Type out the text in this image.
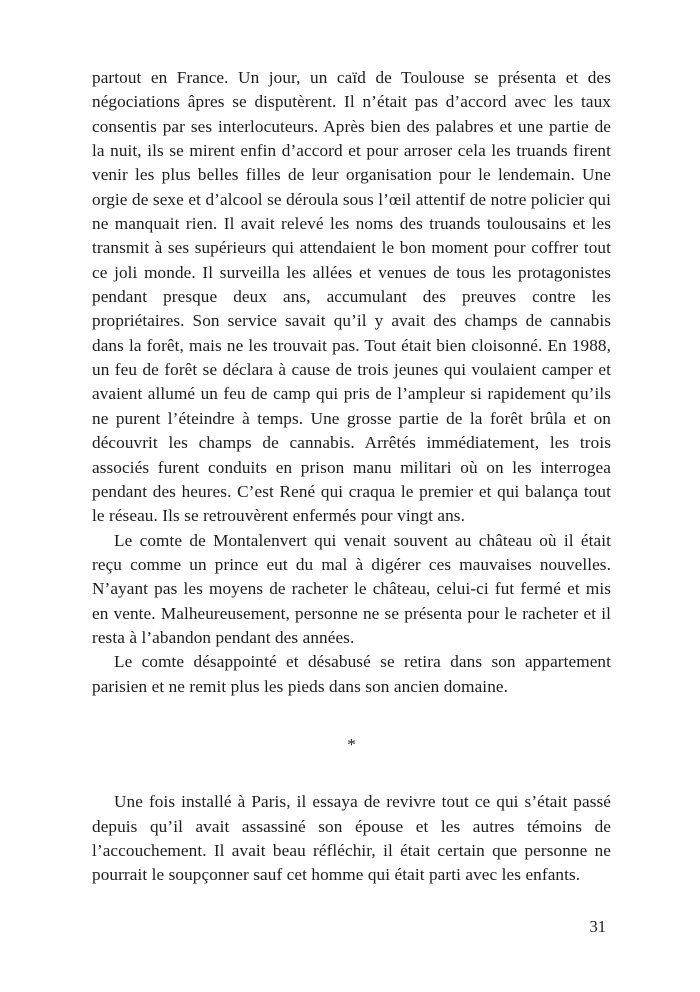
partout en France. Un jour, un caïd de Toulouse se présenta et des négociations âpres se disputèrent. Il n’était pas d’accord avec les taux consentis par ses interlocuteurs. Après bien des palabres et une partie de la nuit, ils se mirent enfin d’accord et pour arroser cela les truands firent venir les plus belles filles de leur organisation pour le lendemain. Une orgie de sexe et d’alcool se déroula sous l’œil attentif de notre policier qui ne manquait rien. Il avait relevé les noms des truands toulousains et les transmit à ses supérieurs qui attendaient le bon moment pour coffrer tout ce joli monde. Il surveilla les allées et venues de tous les protagonistes pendant presque deux ans, accumulant des preuves contre les propriétaires. Son service savait qu’il y avait des champs de cannabis dans la forêt, mais ne les trouvait pas. Tout était bien cloisonné. En 1988, un feu de forêt se déclara à cause de trois jeunes qui voulaient camper et avaient allumé un feu de camp qui pris de l’ampleur si rapidement qu’ils ne purent l’éteindre à temps. Une grosse partie de la forêt brûla et on découvrit les champs de cannabis. Arrêtés immédiatement, les trois associés furent conduits en prison manu militari où on les interrogea pendant des heures. C’est René qui craqua le premier et qui balança tout le réseau. Ils se retrouvèrent enfermés pour vingt ans.

Le comte de Montalenvert qui venait souvent au château où il était reçu comme un prince eut du mal à digérer ces mauvaises nouvelles. N’ayant pas les moyens de racheter le château, celui-ci fut fermé et mis en vente. Malheureusement, personne ne se présenta pour le racheter et il resta à l’abandon pendant des années.

Le comte désappointé et désabusé se retira dans son appartement parisien et ne remit plus les pieds dans son ancien domaine.

*

Une fois installé à Paris, il essaya de revivre tout ce qui s’était passé depuis qu’il avait assassiné son épouse et les autres témoins de l’accouchement. Il avait beau réfléchir, il était certain que personne ne pourrait le soupçonner sauf cet homme qui était parti avec les enfants.

31
